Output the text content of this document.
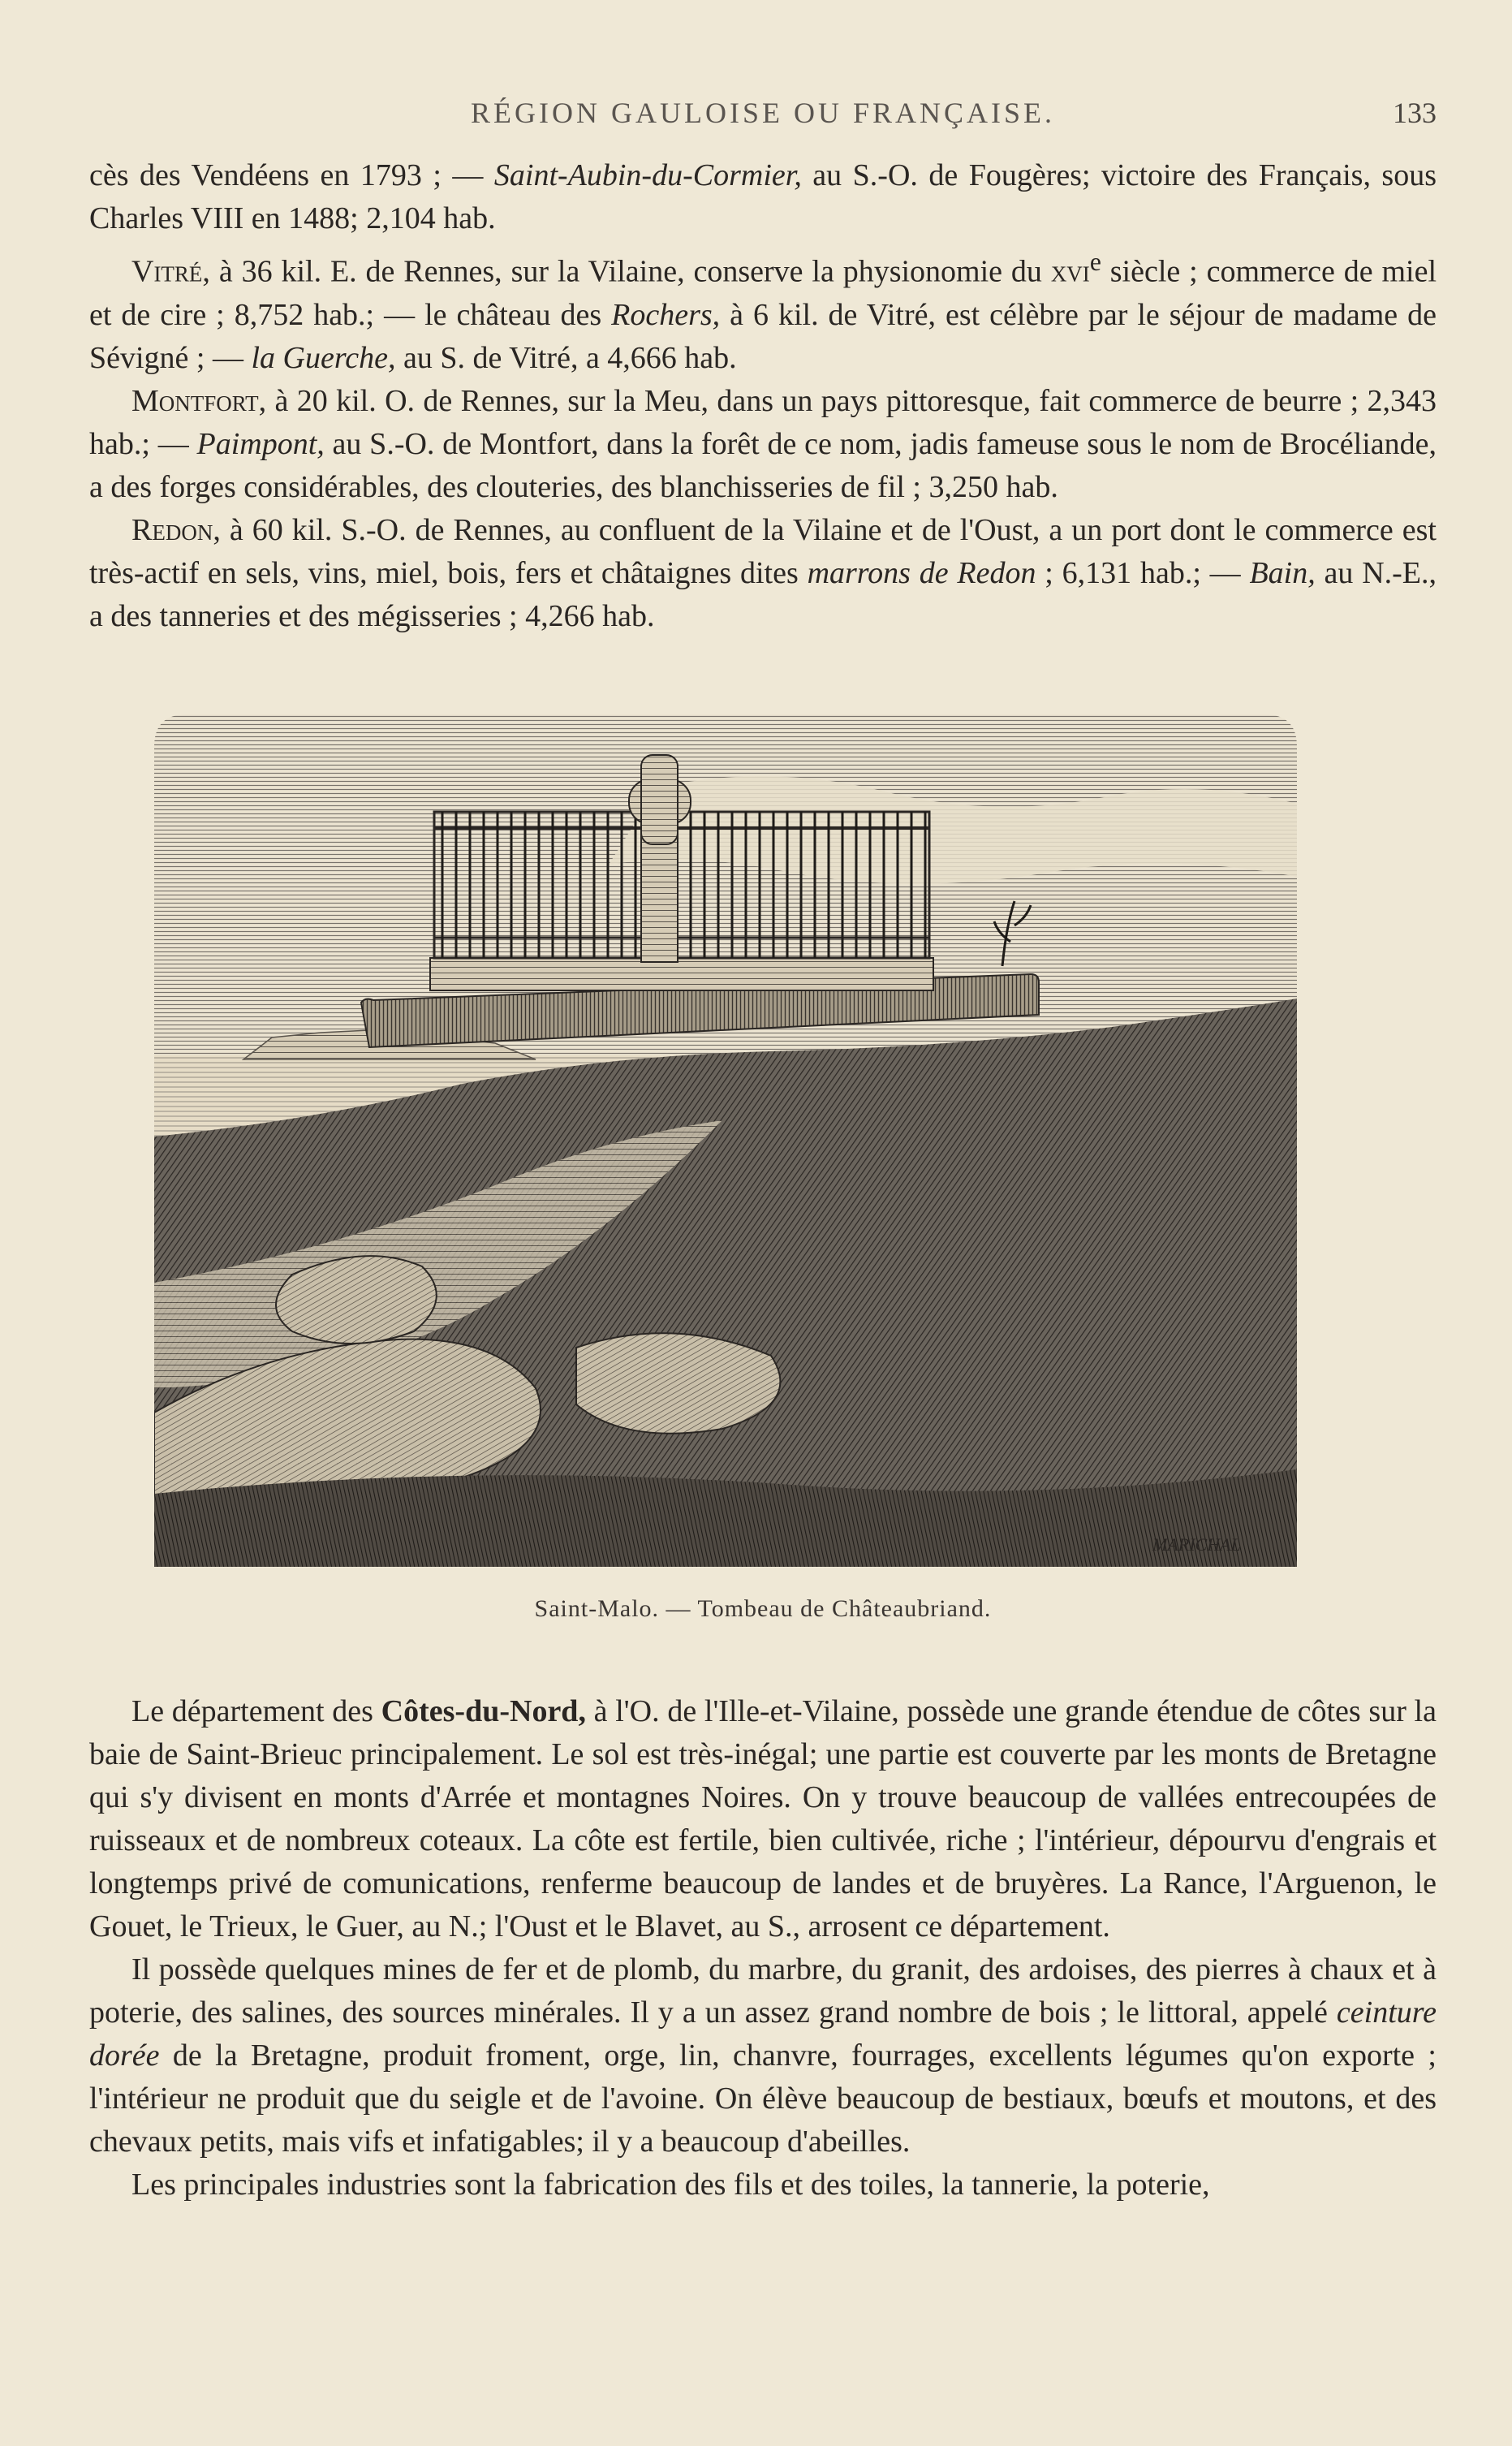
RÉGION GAULOISE OU FRANÇAISE.	133

cès des Vendéens en 1793 ; — Saint-Aubin-du-Cormier, au S.-O. de Fougères; victoire des Français, sous Charles VIII en 1488; 2,104 hab.

Vitré, à 36 kil. E. de Rennes, sur la Vilaine, conserve la physionomie du xvi$^e$ siècle ; commerce de miel et de cire ; 8,752 hab.; — le château des Rochers, à 6 kil. de Vitré, est célèbre par le séjour de madame de Sévigné ; — la Guerche, au S. de Vitré, a 4,666 hab.

Montfort, à 20 kil. O. de Rennes, sur la Meu, dans un pays pittoresque, fait commerce de beurre ; 2,343 hab.; — Paimpont, au S.-O. de Montfort, dans la forêt de ce nom, jadis fameuse sous le nom de Brocéliande, a des forges considérables, des clouteries, des blanchisseries de fil ; 3,250 hab.

Redon, à 60 kil. S.-O. de Rennes, au confluent de la Vilaine et de l'Oust, a un port dont le commerce est très-actif en sels, vins, miel, bois, fers et châtaignes dites marrons de Redon ; 6,131 hab.; — Bain, au N.-E., a des tanneries et des mégisseries ; 4,266 hab.

MARICHAL
Saint-Malo. — Tombeau de Châteaubriand.

Le département des Côtes-du-Nord, à l'O. de l'Ille-et-Vilaine, possède une grande étendue de côtes sur la baie de Saint-Brieuc principalement. Le sol est très-inégal; une partie est couverte par les monts de Bretagne qui s'y divisent en monts d'Arrée et montagnes Noires. On y trouve beaucoup de vallées entrecoupées de ruisseaux et de nombreux coteaux. La côte est fertile, bien cultivée, riche ; l'intérieur, dépourvu d'engrais et longtemps privé de comunications, renferme beaucoup de landes et de bruyères. La Rance, l'Arguenon, le Gouet, le Trieux, le Guer, au N.; l'Oust et le Blavet, au S., arrosent ce département.

Il possède quelques mines de fer et de plomb, du marbre, du granit, des ardoises, des pierres à chaux et à poterie, des salines, des sources minérales. Il y a un assez grand nombre de bois ; le littoral, appelé ceinture dorée de la Bretagne, produit froment, orge, lin, chanvre, fourrages, excellents légumes qu'on exporte ; l'intérieur ne produit que du seigle et de l'avoine. On élève beaucoup de bestiaux, bœufs et moutons, et des chevaux petits, mais vifs et infatigables; il y a beaucoup d'abeilles.

Les principales industries sont la fabrication des fils et des toiles, la tannerie, la poterie,
